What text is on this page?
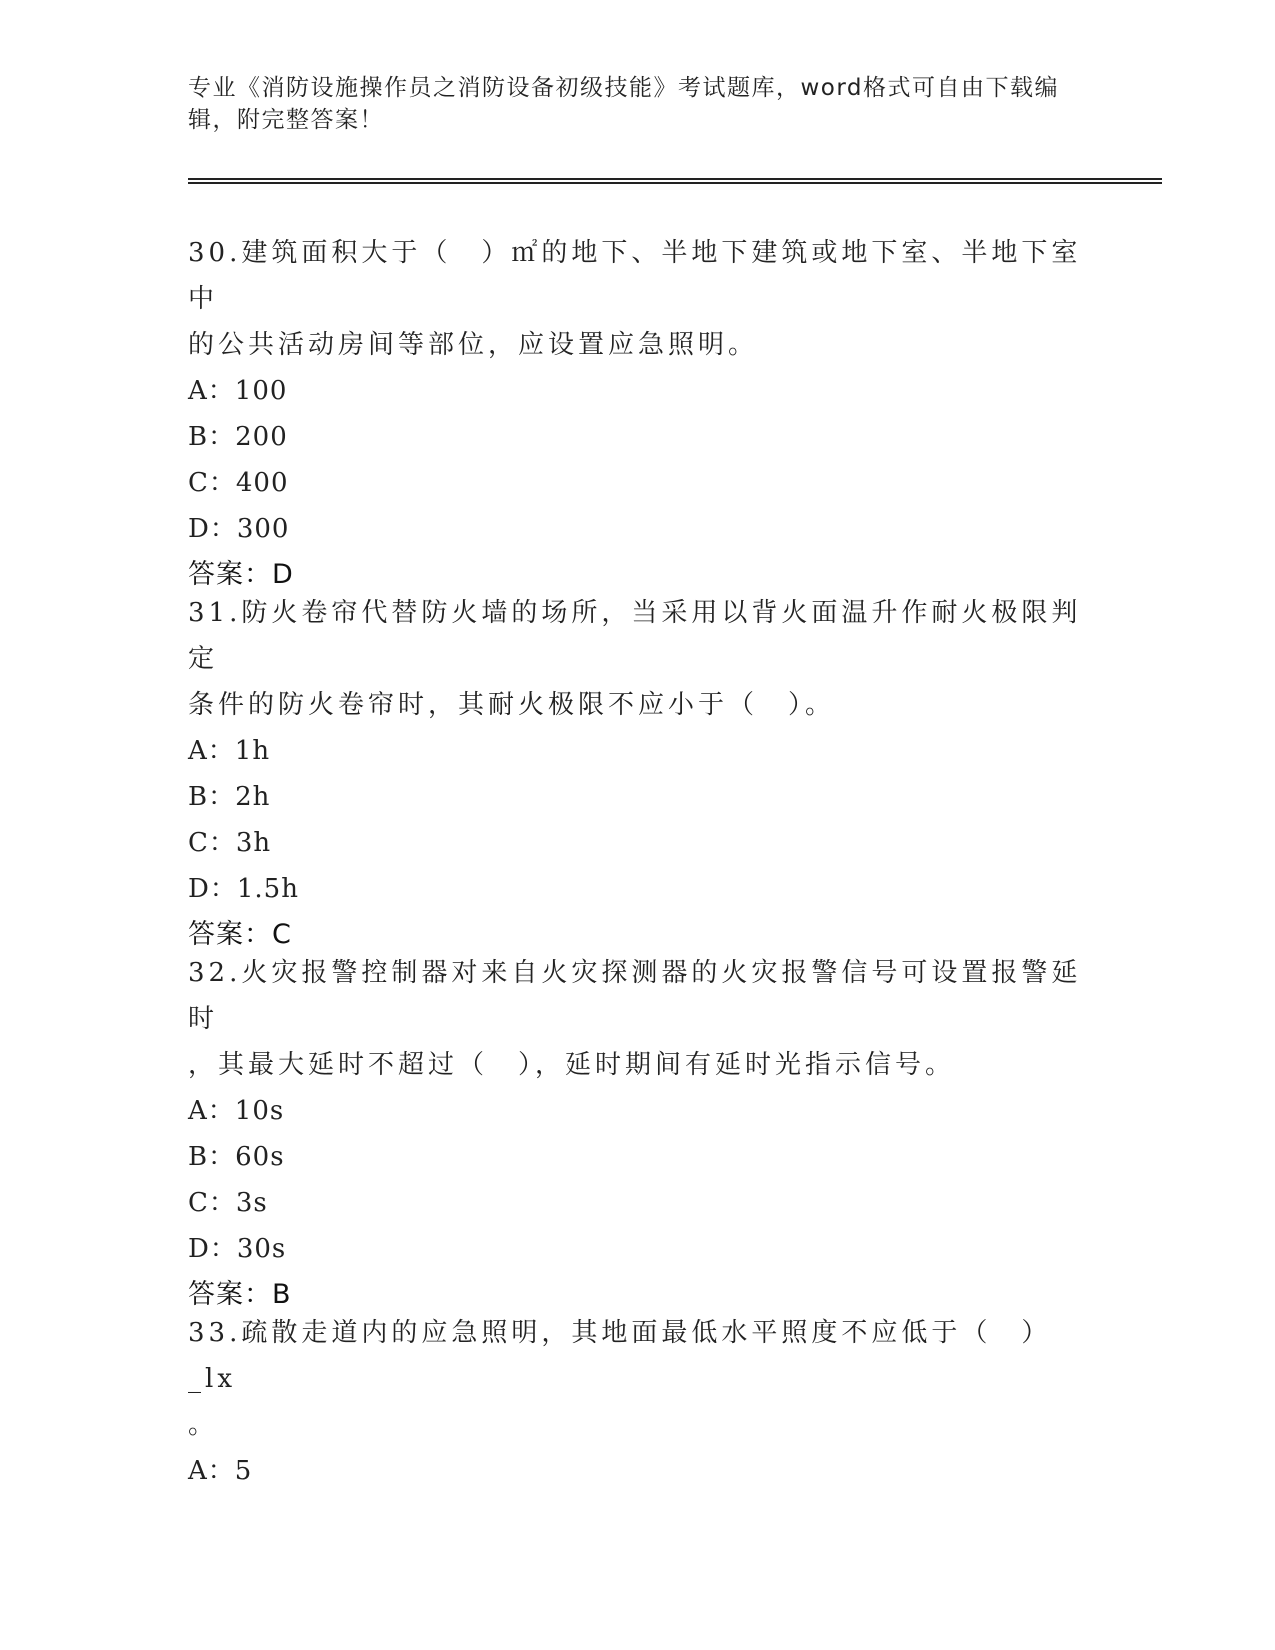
专业《消防设施操作员之消防设备初级技能》考试题库，word格式可自由下载编
辑，附完整答案！

30.建筑面积大于（　）㎡的地下、半地下建筑或地下室、半地下室中

的公共活动房间等部位，应设置应急照明。

A：100

B：200

C：400

D：300

答案：D

31.防火卷帘代替防火墙的场所，当采用以背火面温升作耐火极限判定

条件的防火卷帘时，其耐火极限不应小于（　）。

A：1h

B：2h

C：3h

D：1.5h

答案：C

32.火灾报警控制器对来自火灾探测器的火灾报警信号可设置报警延时

，其最大延时不超过（　），延时期间有延时光指示信号。

A：10s

B：60s

C：3s

D：30s

答案：B

33.疏散走道内的应急照明，其地面最低水平照度不应低于（　）_lx

。

A：5
